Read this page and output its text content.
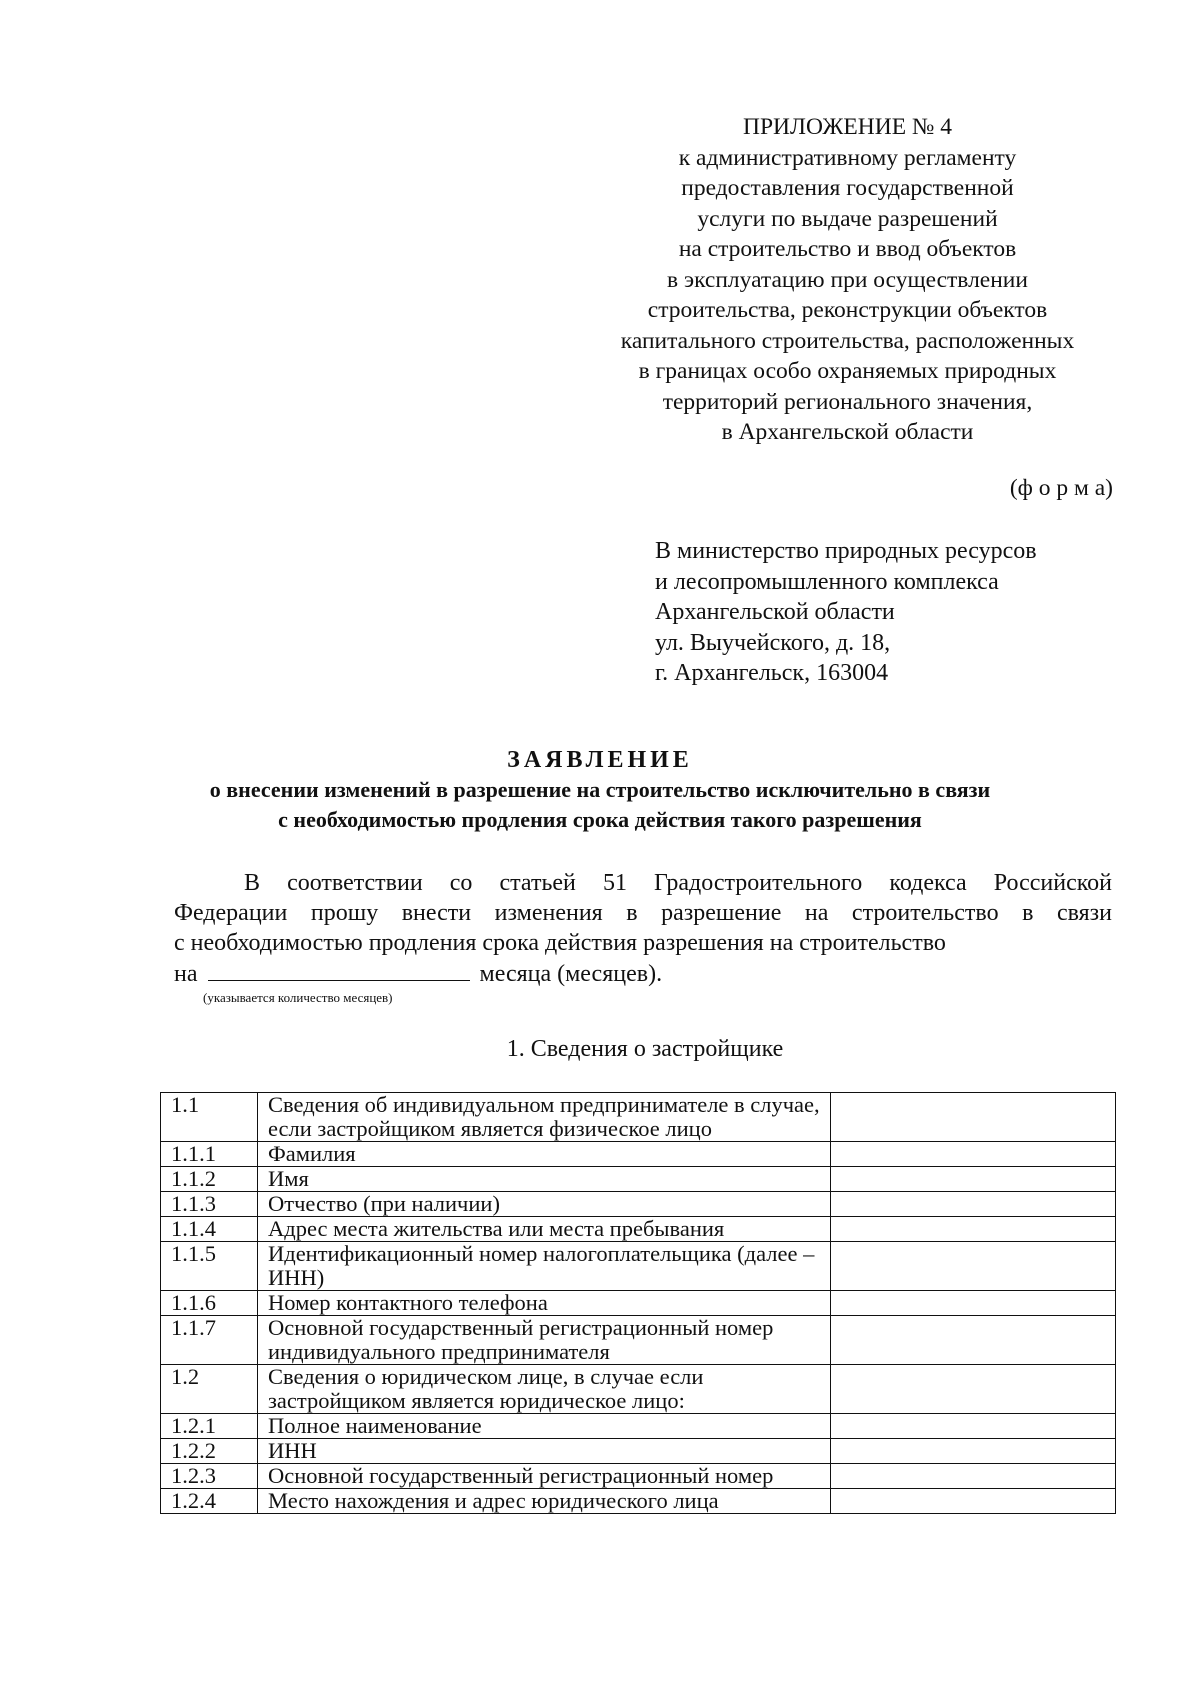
ПРИЛОЖЕНИЕ № 4
к административному регламенту
предоставления государственной
услуги по выдаче разрешений
на строительство и ввод объектов
в эксплуатацию при осуществлении
строительства, реконструкции объектов
капитального строительства, расположенных
в границах особо охраняемых природных
территорий регионального значения,
в Архангельской области
(ф о р м а)
В министерство природных ресурсов
и лесопромышленного комплекса
Архангельской области
ул. Выучейского, д. 18,
г. Архангельск, 163004
ЗАЯВЛЕНИЕ
о внесении изменений в разрешение на строительство исключительно в связи
с необходимостью продления срока действия такого разрешения
В соответствии со статьей 51 Градостроительного кодекса Российской
Федерации прошу внести изменения в разрешение на строительство в связи
с необходимостью продления срока действия разрешения на строительство
на	месяца (месяцев).
(указывается количество месяцев)
1. Сведения о застройщике
1.1	Сведения об индивидуальном предпринимателе в случае, если застройщиком является физическое лицо	
1.1.1	Фамилия	
1.1.2	Имя	
1.1.3	Отчество (при наличии)	
1.1.4	Адрес места жительства или места пребывания	
1.1.5	Идентификационный номер налогоплательщика (далее – ИНН)	
1.1.6	Номер контактного телефона	
1.1.7	Основной государственный регистрационный номер индивидуального предпринимателя	
1.2	Сведения о юридическом лице, в случае если застройщиком является юридическое лицо:	
1.2.1	Полное наименование	
1.2.2	ИНН	
1.2.3	Основной государственный регистрационный номер	
1.2.4	Место нахождения и адрес юридического лица	
